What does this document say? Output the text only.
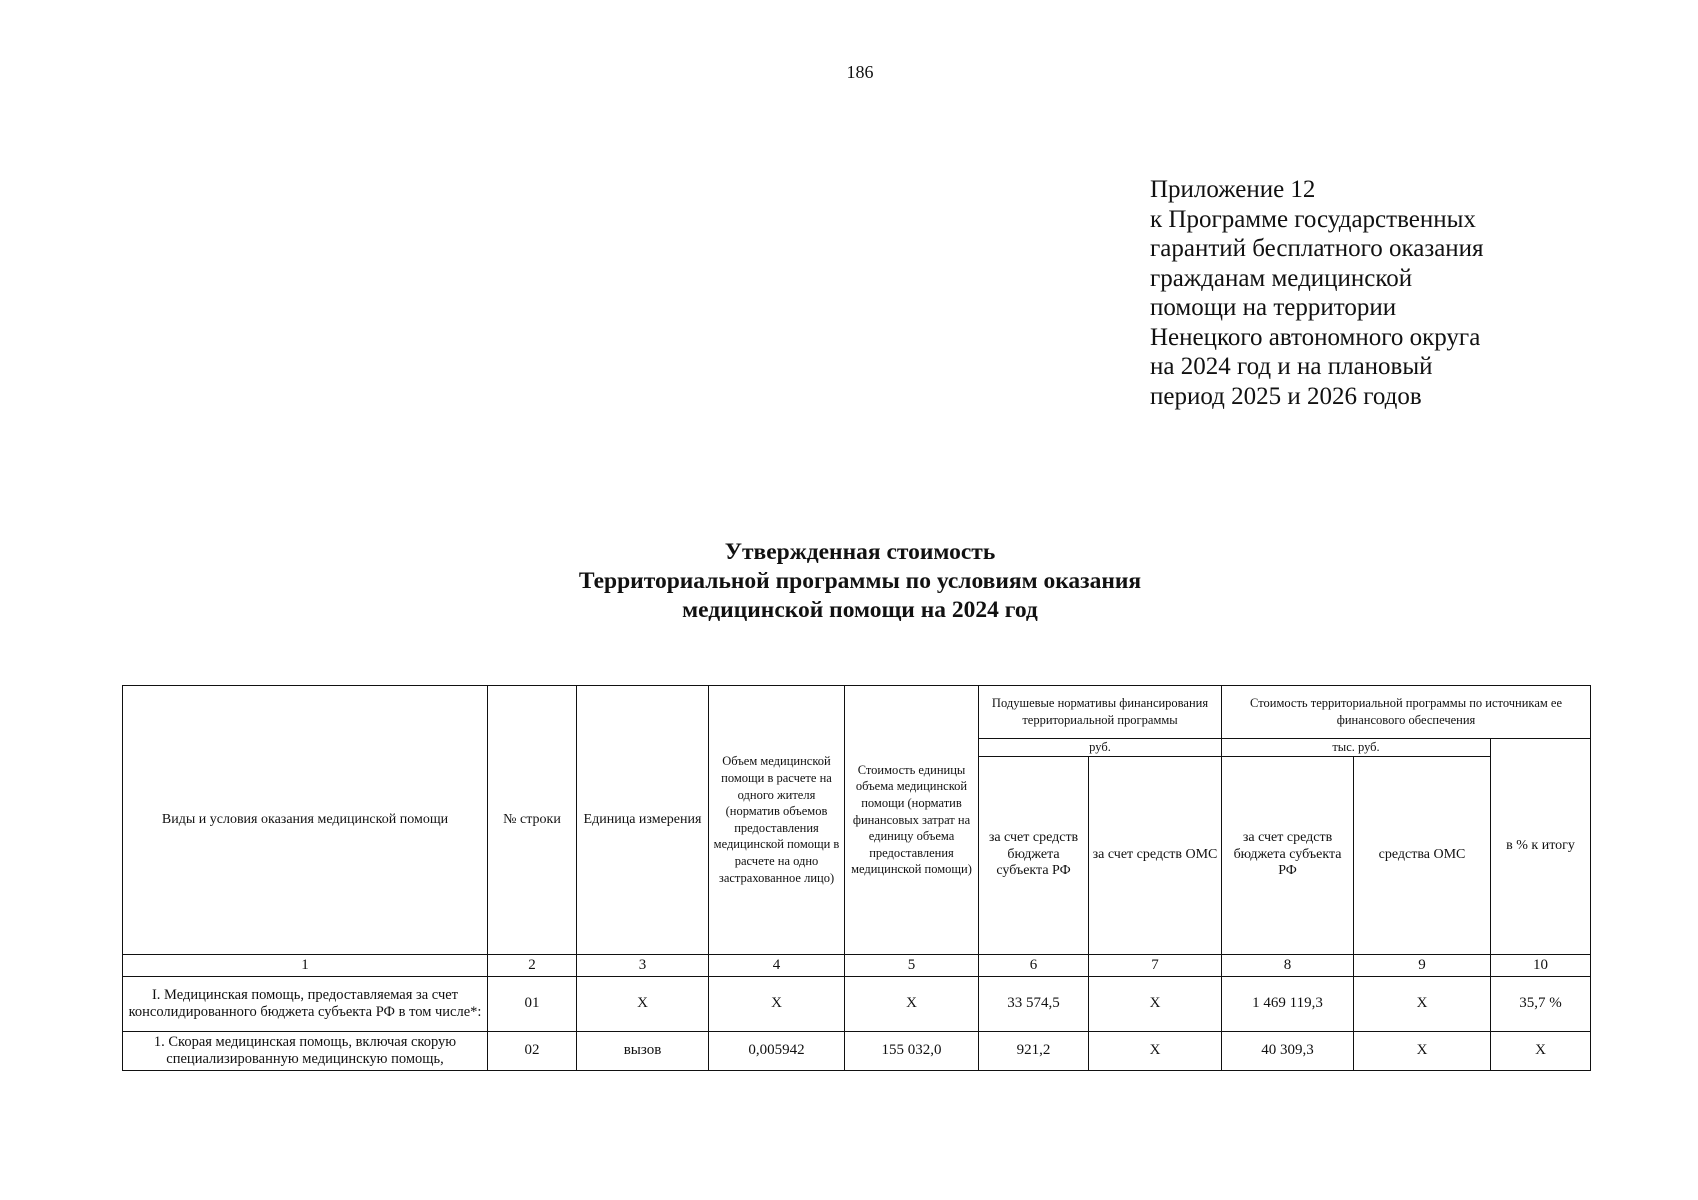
186
Приложение 12
к Программе государственных
гарантий бесплатного оказания
гражданам медицинской
помощи на территории
Ненецкого автономного округа
на 2024 год и на плановый
период 2025 и 2026 годов
Утвержденная стоимость
Территориальной программы по условиям оказания
медицинской помощи на 2024 год
Виды и условия оказания медицинской помощи	№ строки	Единица измерения	Объем медицинской помощи в расчете на одного жителя (норматив объемов предоставления медицинской помощи в расчете на одно застрахованное лицо)	Стоимость единицы объема медицинской помощи (норматив финансовых затрат на единицу объема предоставления медицинской помощи)	Подушевые нормативы финансирования территориальной программы		Стоимость территориальной программы по источникам ее финансового обеспечения		
					руб.		тыс. руб.		в % к итогу
					за счет средств бюджета субъекта РФ	за счет средств ОМС	за счет средств бюджета субъекта РФ	средства ОМС	
1	2	3	4	5	6	7	8	9	10
I. Медицинская помощь, предоставляемая за счет консолидированного бюджета субъекта РФ в том числе*:	01	X	X	X	33 574,5	X	1 469 119,3	X	35,7 %
1. Скорая медицинская помощь, включая скорую специализированную медицинскую помощь,	02	вызов	0,005942	155 032,0	921,2	X	40 309,3	X	X
